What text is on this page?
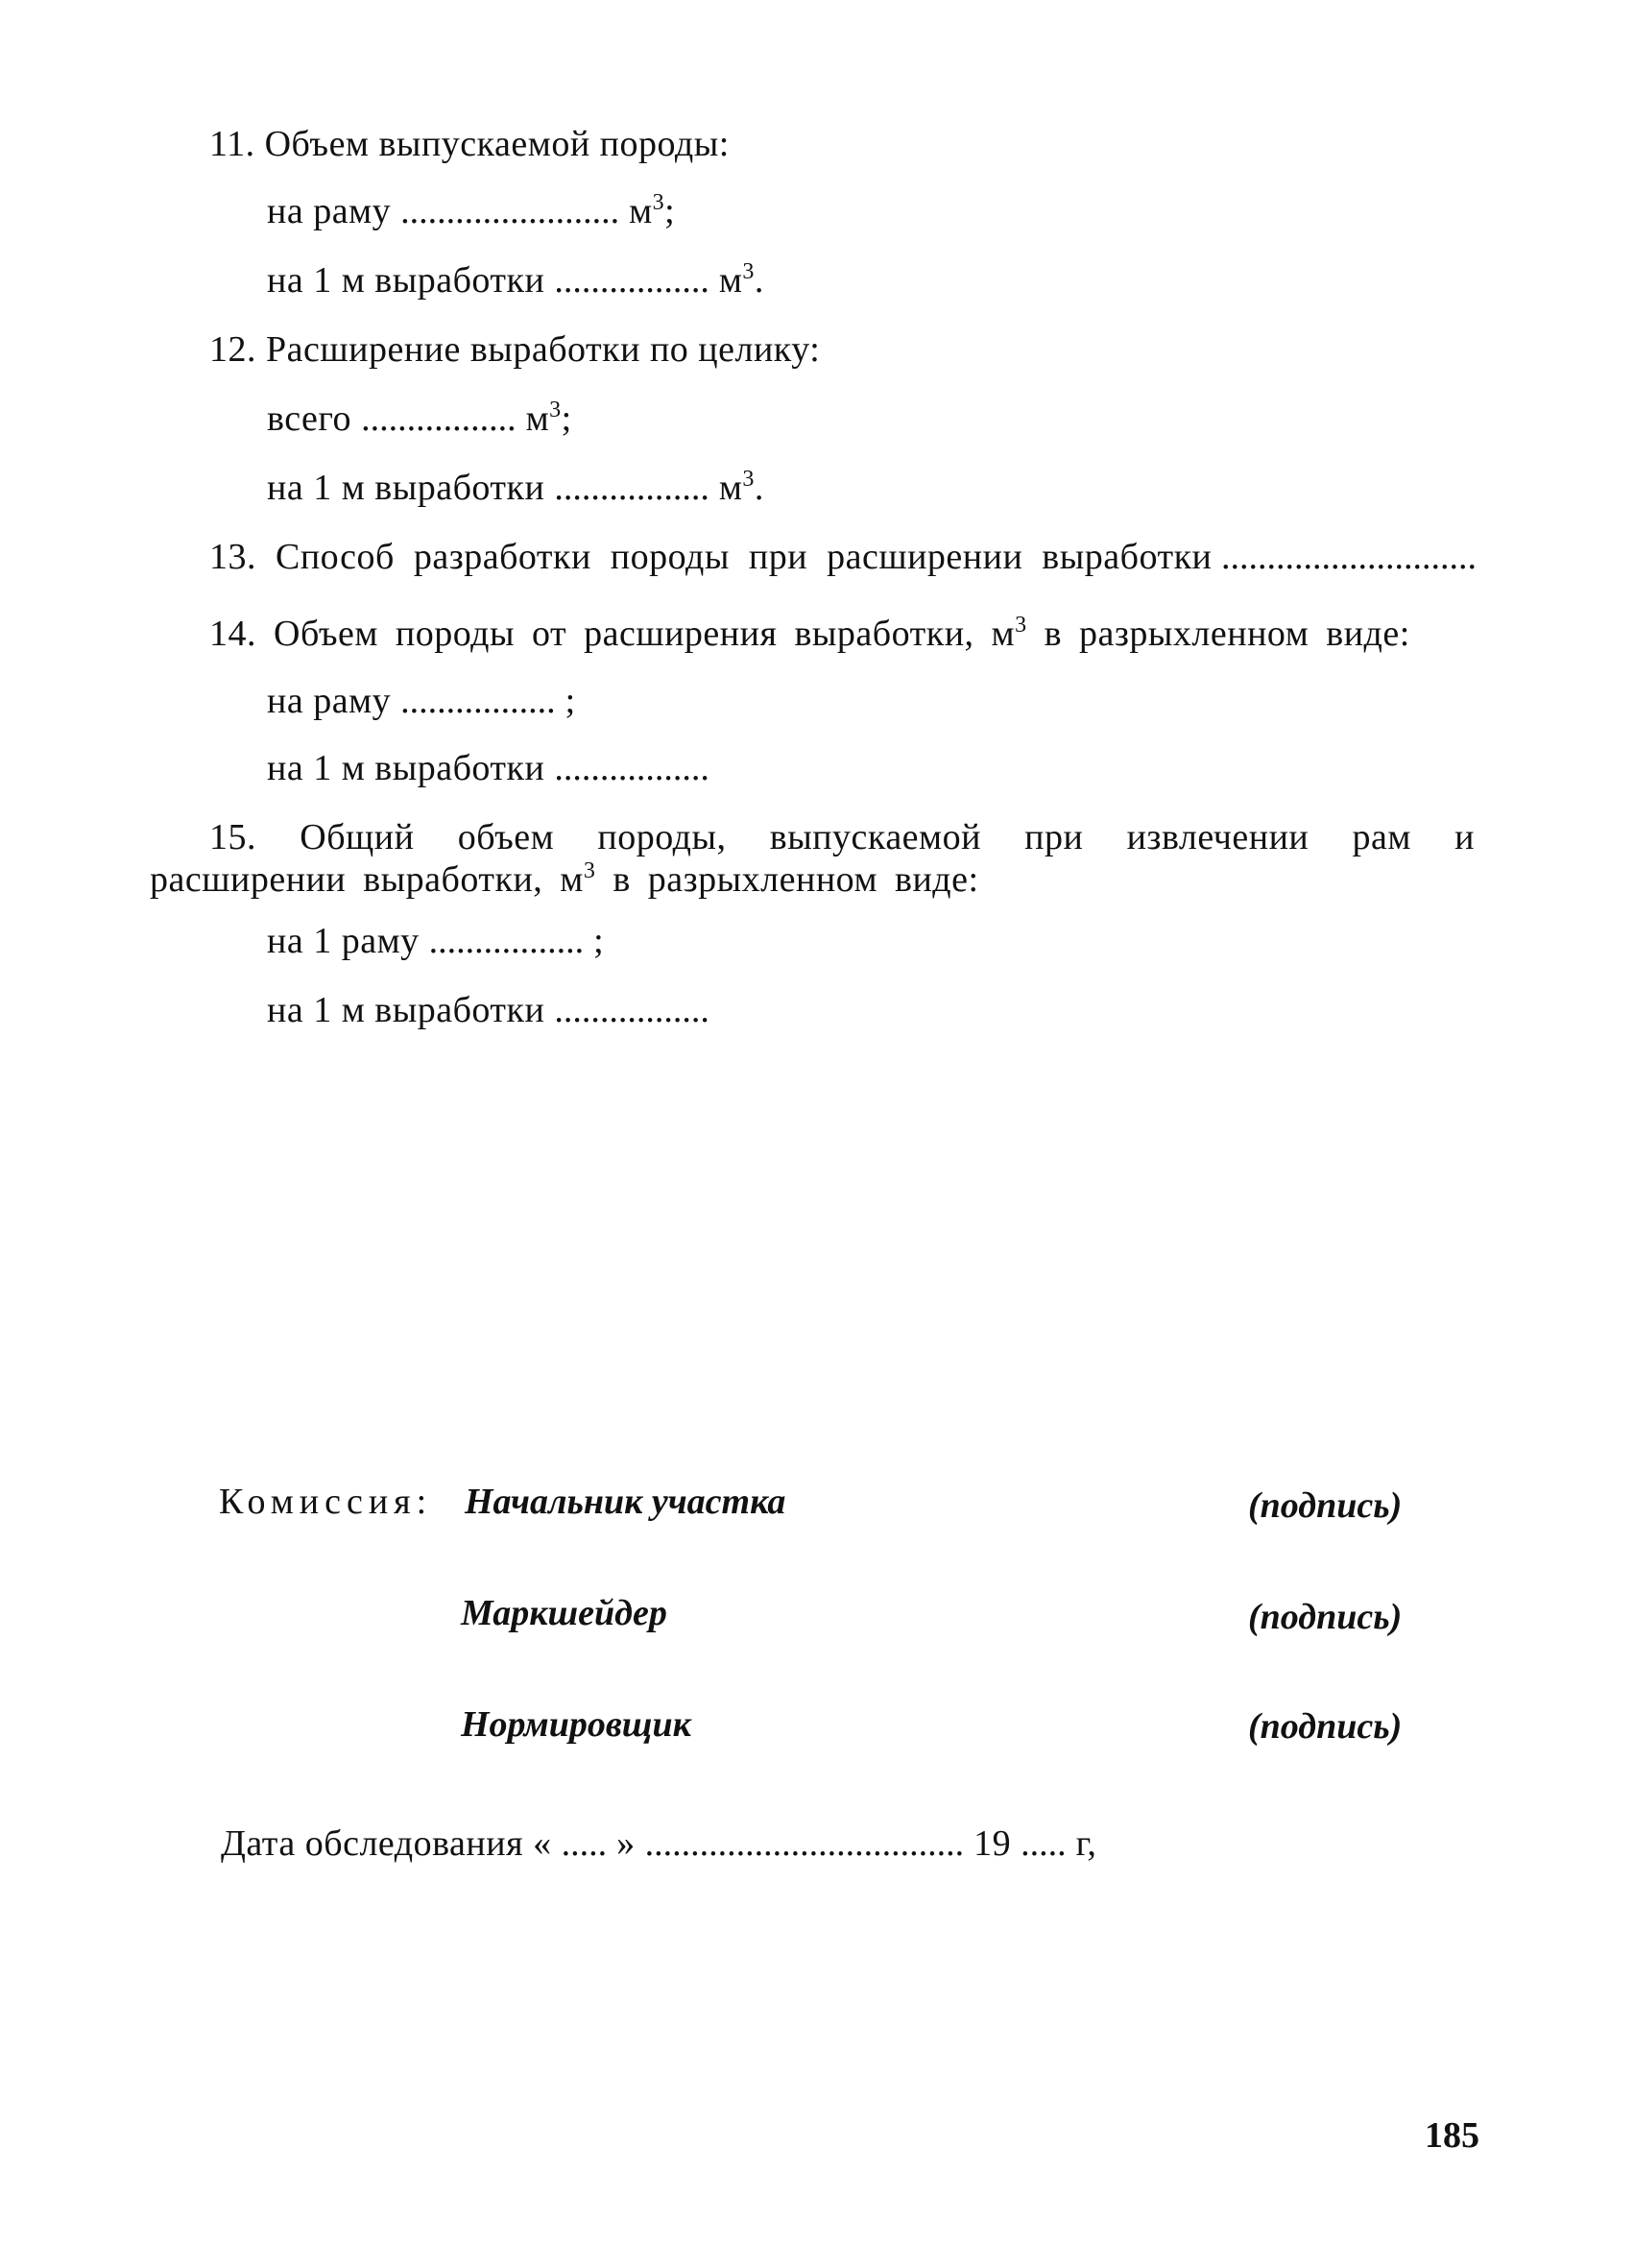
11. Объем выпускаемой породы:
на раму ........................ $м^3$;
на 1 м выработки ................. $м^3$.
12. Расширение выработки по целику:
всего ................. $м^3$;
на 1 м выработки ................. $м^3$.
13. Способ разработки породы при расширении выработки ............................
14. Объем породы от расширения выработки, $м^3$ в разрыхленном виде:
на раму ................. ;
на 1 м выработки .................
15. Общий объем породы, выпускаемой при извлечении рам и расширении выработки, $м^3$ в разрыхленном виде:
на 1 раму ................. ;
на 1 м выработки .................
Комиссия: Начальник участка	(подпись)
Маркшейдер	(подпись)
Нормировщик	(подпись)
Дата обследования « ..... » ................................... 19 ..... г,
185
